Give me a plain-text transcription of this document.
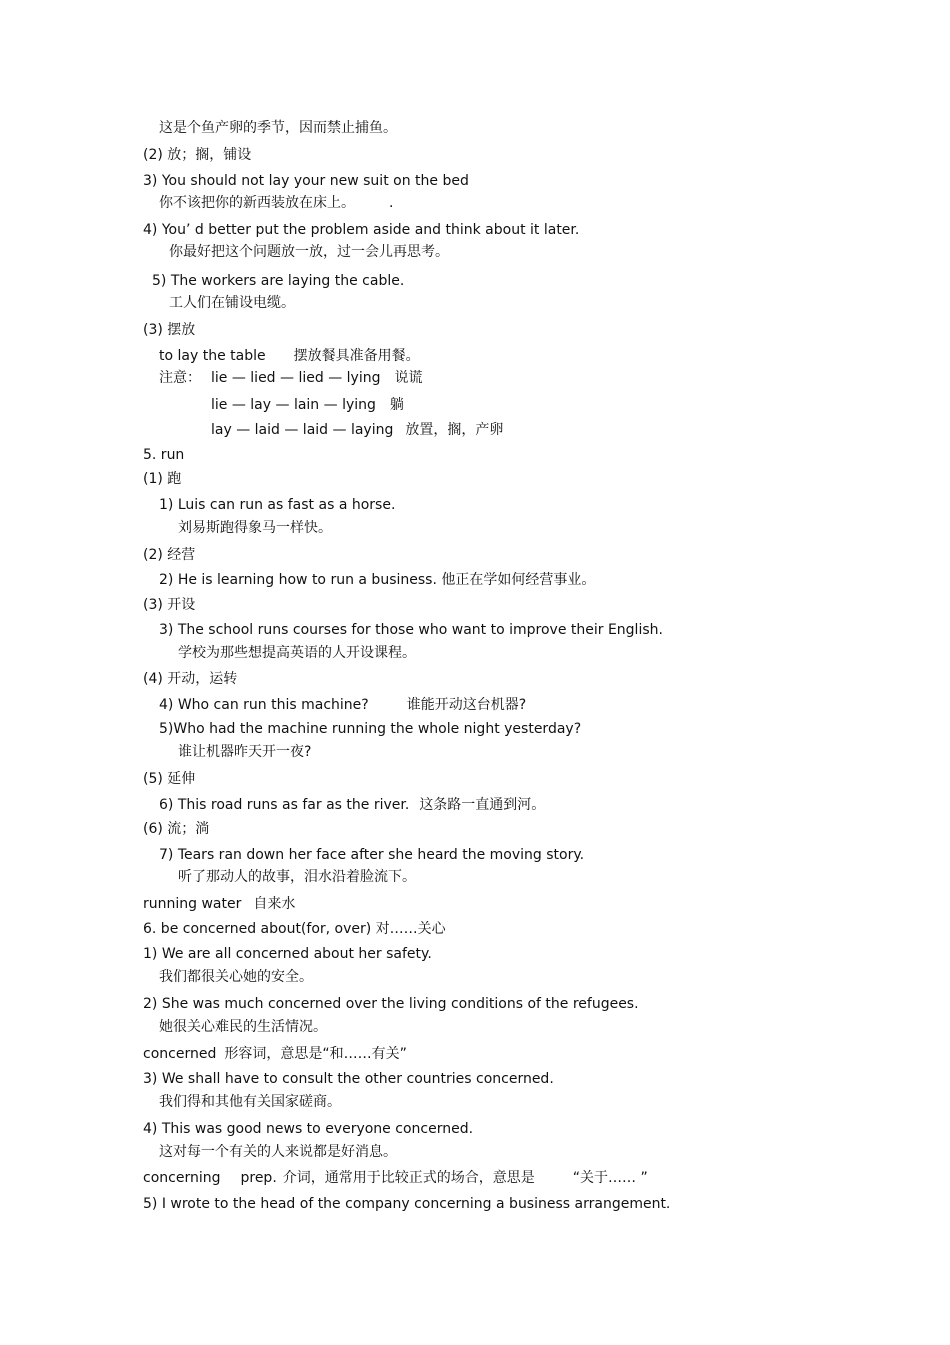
这是个鱼产卵的季节，因而禁止捕鱼。
(2) 放；搁，铺设
3) You should not lay your new suit on the bed
你不该把你的新西装放在床上。 .
4) You’ d better put the problem aside and think about it later.
你最好把这个问题放一放，过一会儿再思考。
5) The workers are laying the cable.
工人们在铺设电缆。
(3) 摆放
to lay the table 摆放餐具准备用餐。
注意： lie — lied — lied — lying 说谎
lie — lay — lain — lying 躺
lay — laid — laid — laying 放置，搁，产卵
5. run
(1) 跑
1) Luis can run as fast as a horse.
刘易斯跑得象马一样快。
(2) 经营
2) He is learning how to run a business. 他正在学如何经营事业。
(3) 开设
3) The school runs courses for those who want to improve their English.
学校为那些想提高英语的人开设课程。
(4) 开动，运转
4) Who can run this machine?	谁能开动这台机器?
5)Who had the machine running the whole night yesterday?
谁让机器昨天开一夜?
(5) 延伸
6) This road runs as far as the river. 这条路一直通到河。
(6) 流；淌
7) Tears ran down her face after she heard the moving story.
听了那动人的故事，泪水沿着脸流下。
running water 自来水
6. be concerned about(for, over) 对……关心
1) We are all concerned about her safety.
我们都很关心她的安全。
2) She was much concerned over the living conditions of the refugees.
她很关心难民的生活情况。
concerned 形容词，意思是“和……有关”
3) We shall have to consult the other countries concerned.
我们得和其他有关国家磋商。
4) This was good news to everyone concerned.
这对每一个有关的人来说都是好消息。
concerning prep. 介词，通常用于比较正式的场合，意思是	“关于…… ”
5) I wrote to the head of the company concerning a business arrangement.
